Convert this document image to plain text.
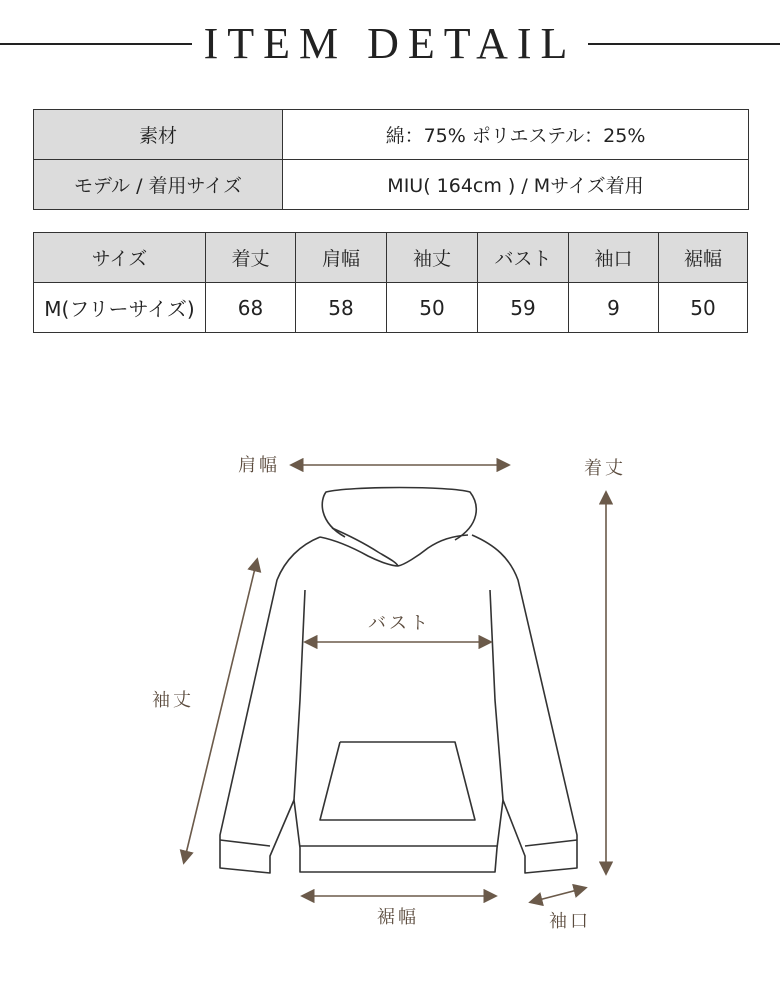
ITEM DETAIL
素材	綿：75% ポリエステル：25%
モデル / 着用サイズ	MIU( 164cm ) / Mサイズ着用
サイズ	着丈	肩幅	袖丈	バスト	袖口	裾幅
M(フリーサイズ)	68	58	50	59	9	50
肩幅	着丈
袖丈
バスト
裾幅	袖口
